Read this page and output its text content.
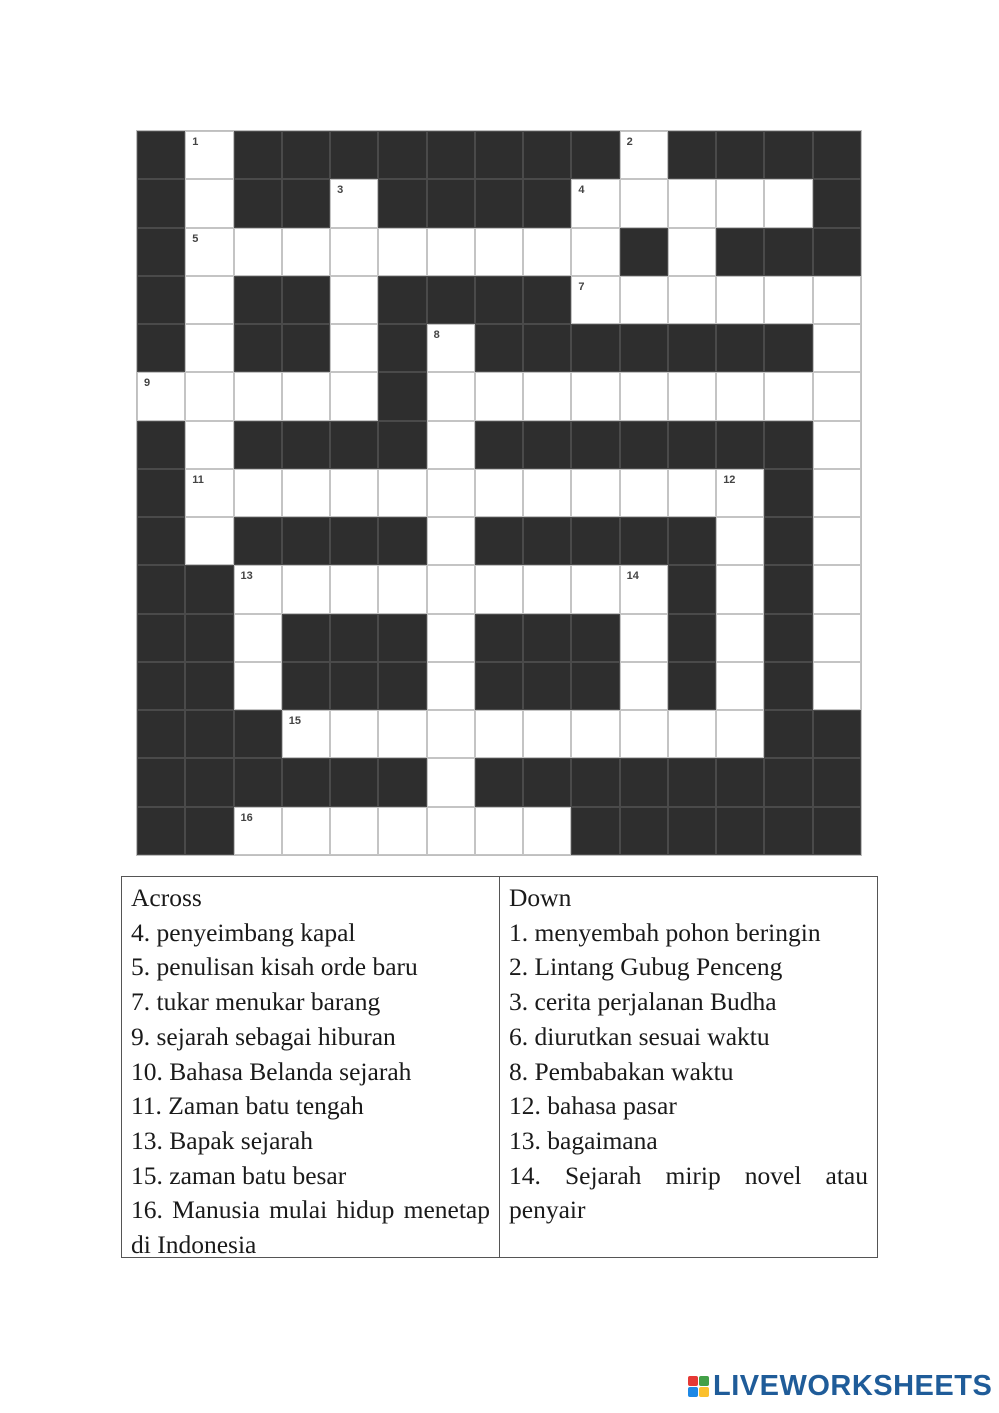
1	2
3	4
5
7
8
9
11	12
13	14
15
16
Across
4. penyeimbang kapal
5. penulisan kisah orde baru
7. tukar menukar barang
9. sejarah sebagai hiburan
10. Bahasa Belanda sejarah
11. Zaman batu tengah
13. Bapak sejarah
15. zaman batu besar
16. Manusia mulai hidup menetap di Indonesia
Down
1. menyembah pohon beringin
2. Lintang Gubug Penceng
3. cerita perjalanan Budha
6. diurutkan sesuai waktu
8. Pembabakan waktu
12. bahasa pasar
13. bagaimana
14. Sejarah mirip novel atau penyair
LIVEWORKSHEETS
